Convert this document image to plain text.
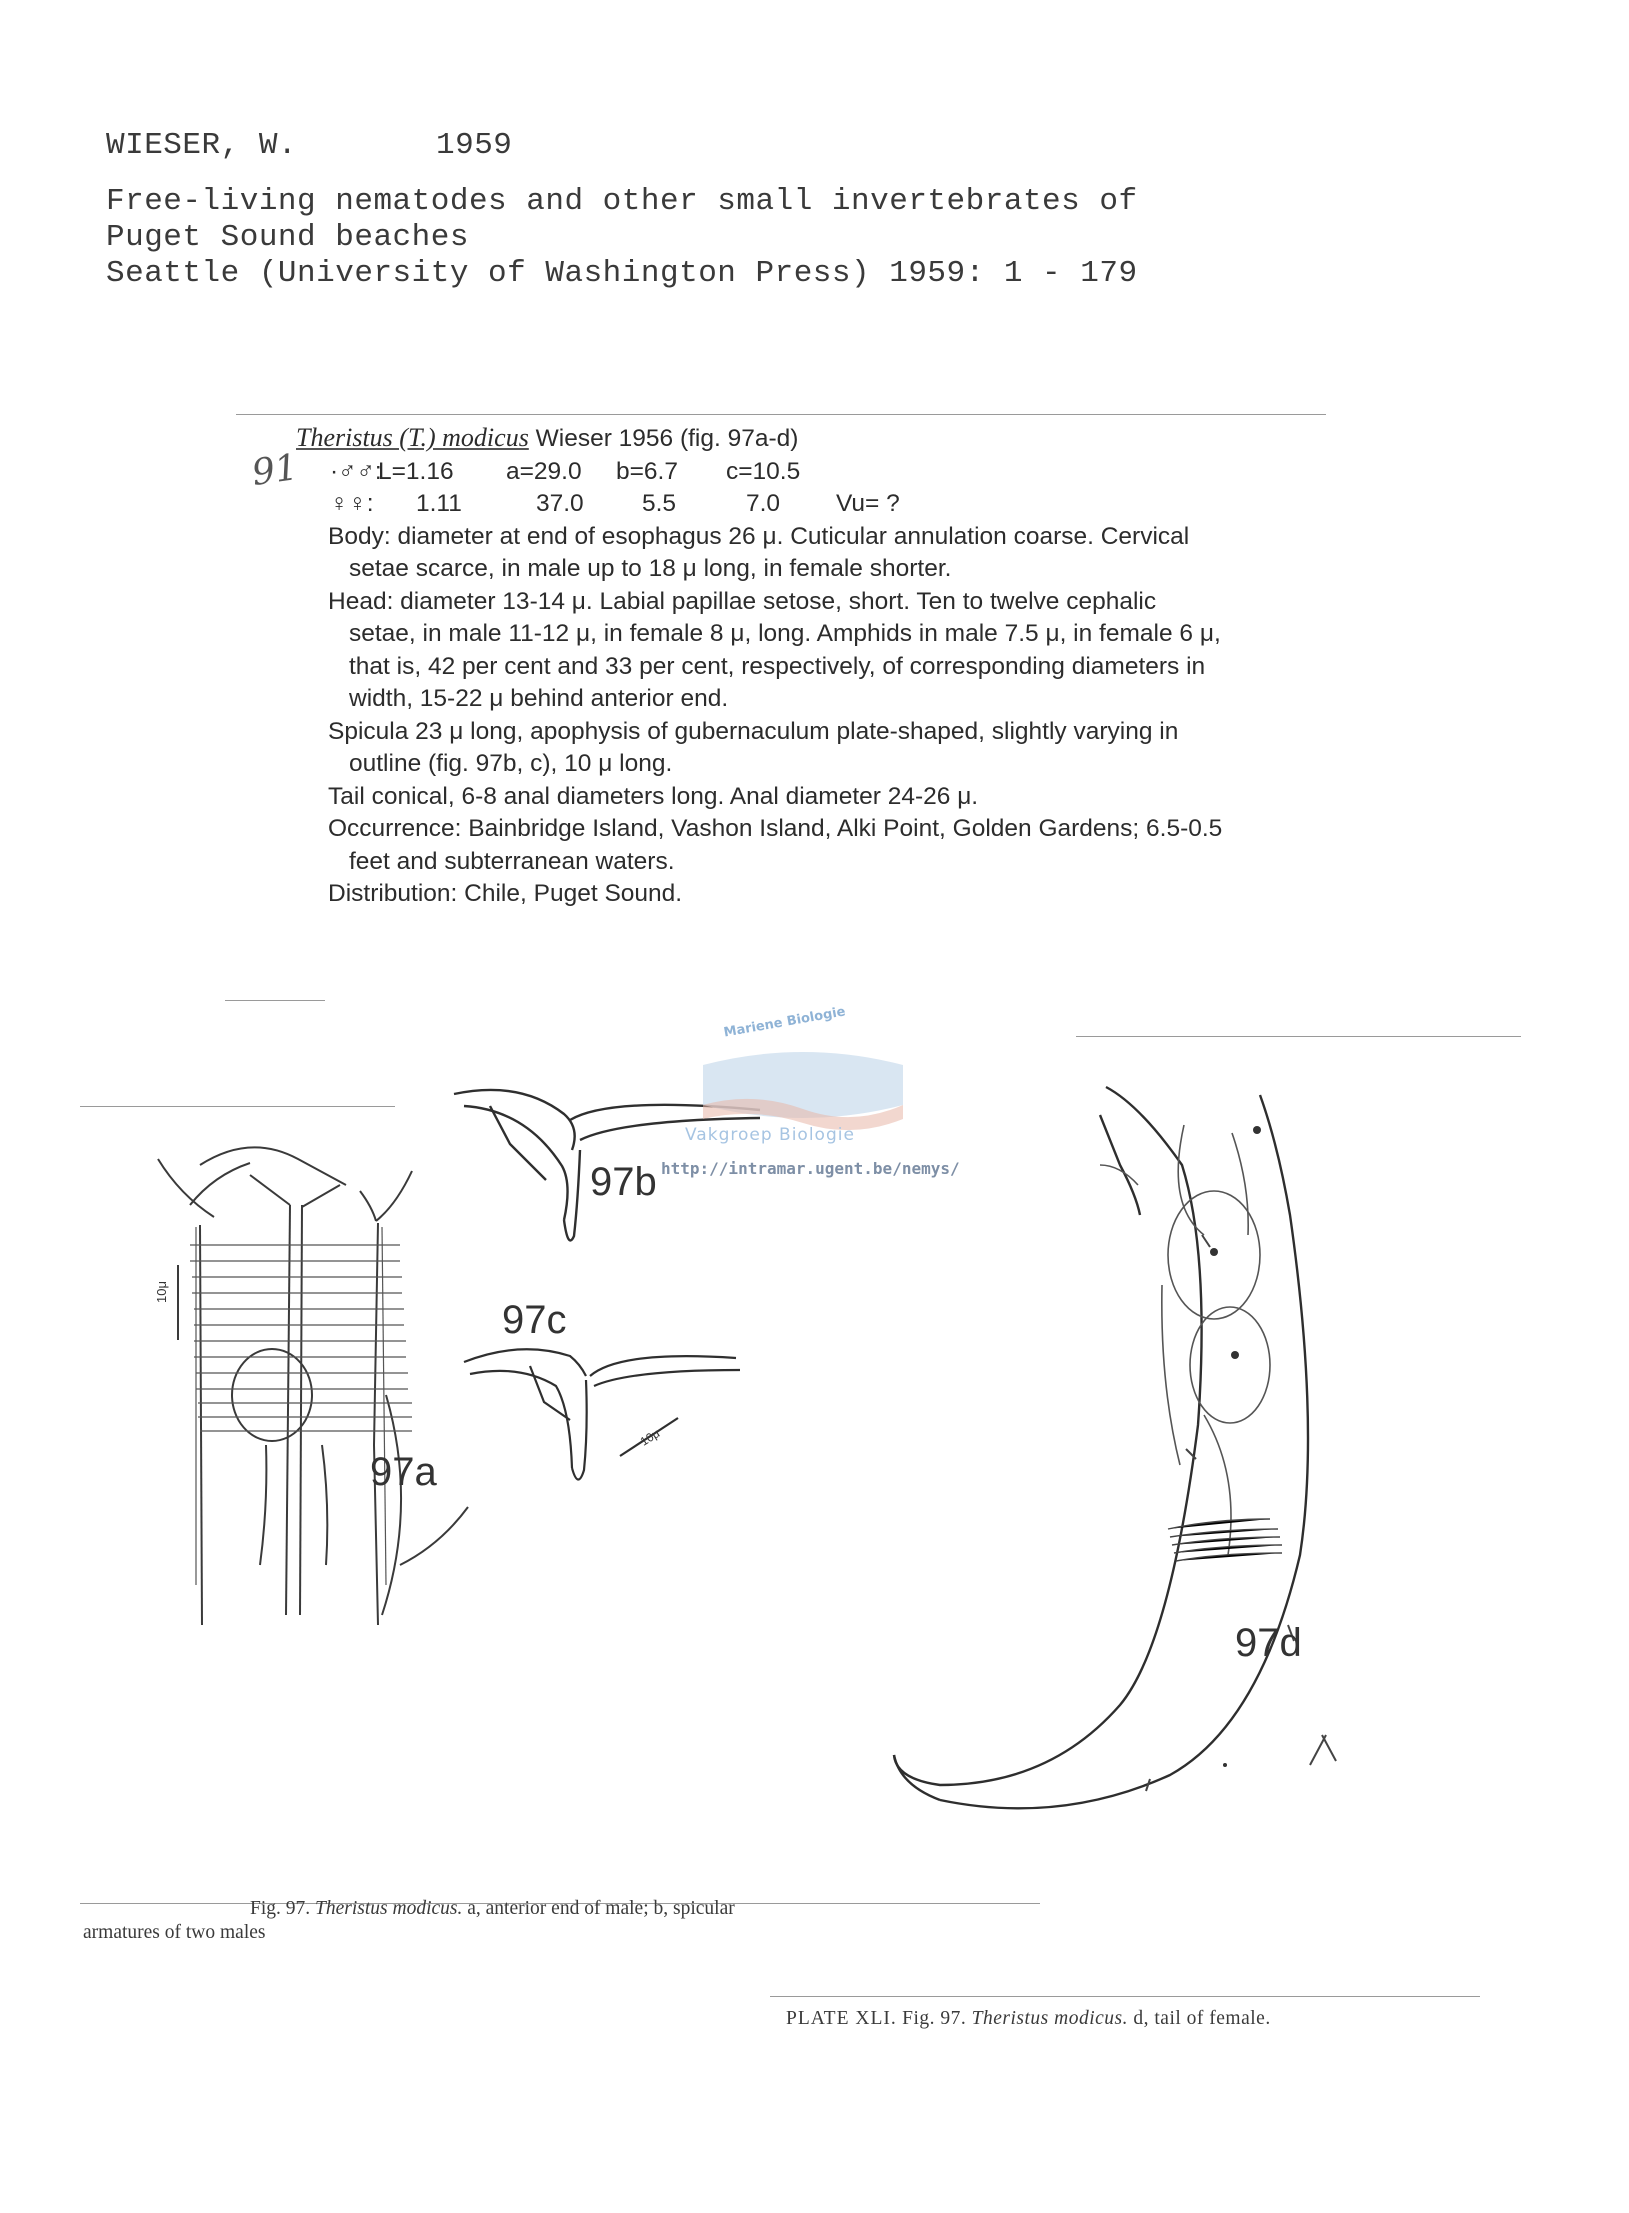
WIESER, W.	1959
Free-living nematodes and other small invertebrates of
Puget Sound beaches
Seattle (University of Washington Press) 1959: 1 - 179
91
Theristus (T.) modicus Wieser 1956 (fig. 97a-d)
·♂♂:
L=1.16	a=29.0	b=6.7	c=10.5
♀♀:	1.11	37.0	5.5	7.0	Vu= ?
Body: diameter at end of esophagus 26 μ. Cuticular annulation coarse. Cervical setae scarce, in male up to 18 μ long, in female shorter.
Head: diameter 13-14 μ. Labial papillae setose, short. Ten to twelve cephalic setae, in male 11-12 μ, in female 8 μ, long. Amphids in male 7.5 μ, in female 6 μ, that is, 42 per cent and 33 per cent, respectively, of corresponding diameters in width, 15-22 μ behind anterior end.
Spicula 23 μ long, apophysis of gubernaculum plate-shaped, slightly varying in outline (fig. 97b, c), 10 μ long.
Tail conical, 6-8 anal diameters long. Anal diameter 24-26 μ.
Occurrence: Bainbridge Island, Vashon Island, Alki Point, Golden Gardens; 6.5-0.5 feet and subterranean waters.
Distribution: Chile, Puget Sound.
10μ
97a
97b
97c
10μ
Mariene Biologie
Vakgroep Biologie
http://intramar.ugent.be/nemys/
97d
Fig. 97. Theristus modicus. a, anterior end of male; b, spicular
armatures of two males
PLATE XLI. Fig. 97. Theristus modicus. d, tail of female.
